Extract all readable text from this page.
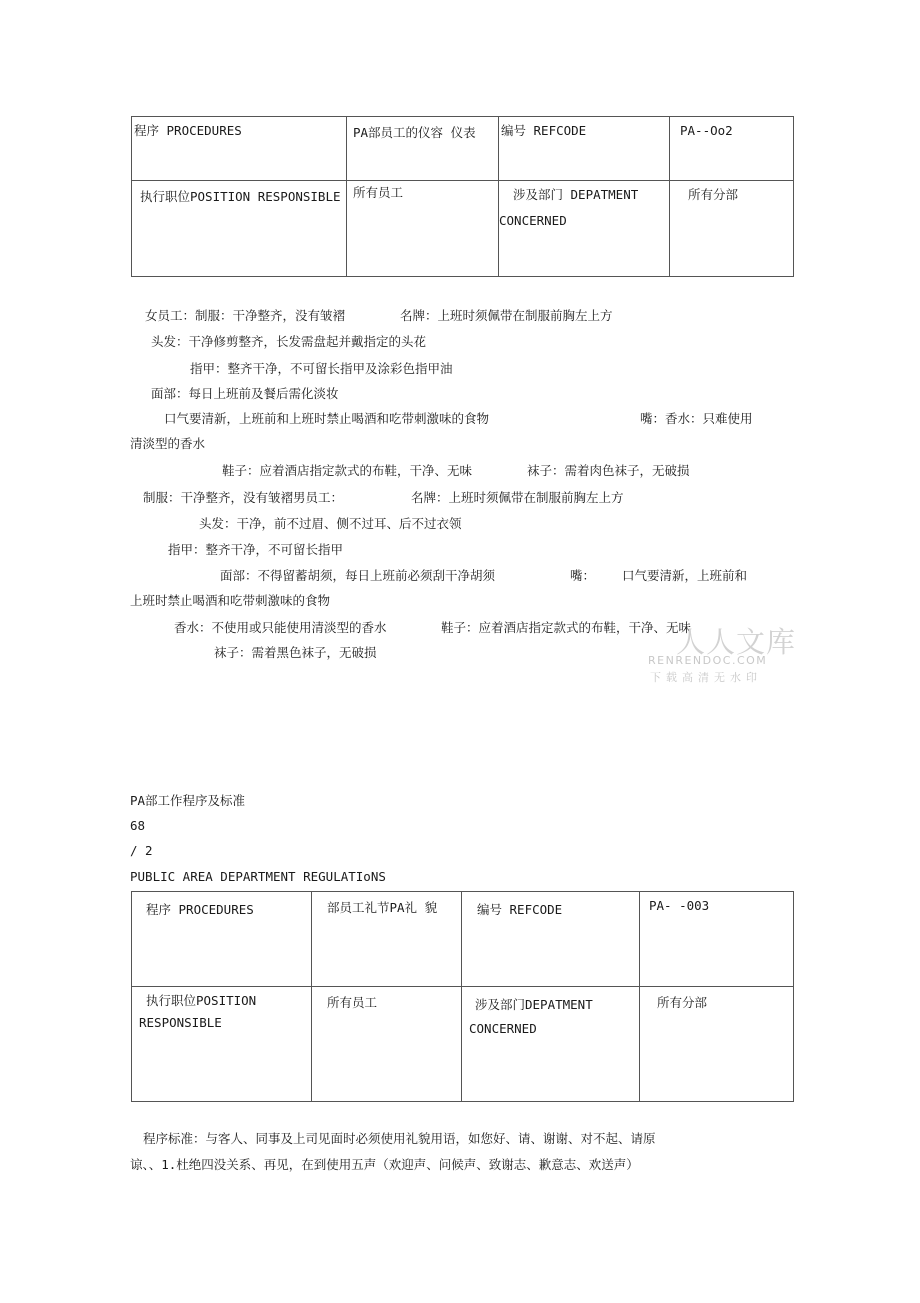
程序 PROCEDURES	PA部员工的仪容 仪表	编号 REFCODE	PA--Oo2

执行职位POSITION RESPONSIBLE	所有员工	涉及部门 DEPATMENT
CONCERNED	所有分部
女员工：制服：干净整齐，没有皱褶	名牌：上班时须佩带在制服前胸左上方
头发：干净修剪整齐，长发需盘起并戴指定的头花
指甲：整齐干净，不可留长指甲及涂彩色指甲油
面部：每日上班前及餐后需化淡妆
口气要清新，上班前和上班时禁止喝酒和吃带刺激味的食物	嘴：香水：只难使用
清淡型的香水
鞋子：应着酒店指定款式的布鞋，干净、无味	袜子：需着肉色袜子，无破损
制服：干净整齐，没有皱褶男员工：	名牌：上班时须佩带在制服前胸左上方
头发：干净，前不过眉、侧不过耳、后不过衣领
指甲：整齐干净，不可留长指甲
面部：不得留蓄胡须，每日上班前必须刮干净胡须	嘴： 口气要清新，上班前和
上班时禁止喝酒和吃带刺激味的食物
香水：不使用或只能使用清淡型的香水	鞋子：应着酒店指定款式的布鞋，干净、无味
袜子：需着黑色袜子，无破损	人人文库
RENRENDOC.COM
下载高清无水印
PA部工作程序及标准
68
/ 2
PUBLIC AREA DEPARTMENT REGULATIoNS
程序 PROCEDURES	部员工礼节PA礼 貌	编号 REFCODE	PA- -003

执行职位POSITION
RESPONSIBLE	所有员工	涉及部门DEPATMENT
CONCERNED	所有分部
程序标准：与客人、同事及上司见面时必须使用礼貌用语，如您好、请、谢谢、对不起、请原
谅、、1.杜绝四没关系、再见，在到使用五声（欢迎声、问候声、致谢志、歉意志、欢送声）
